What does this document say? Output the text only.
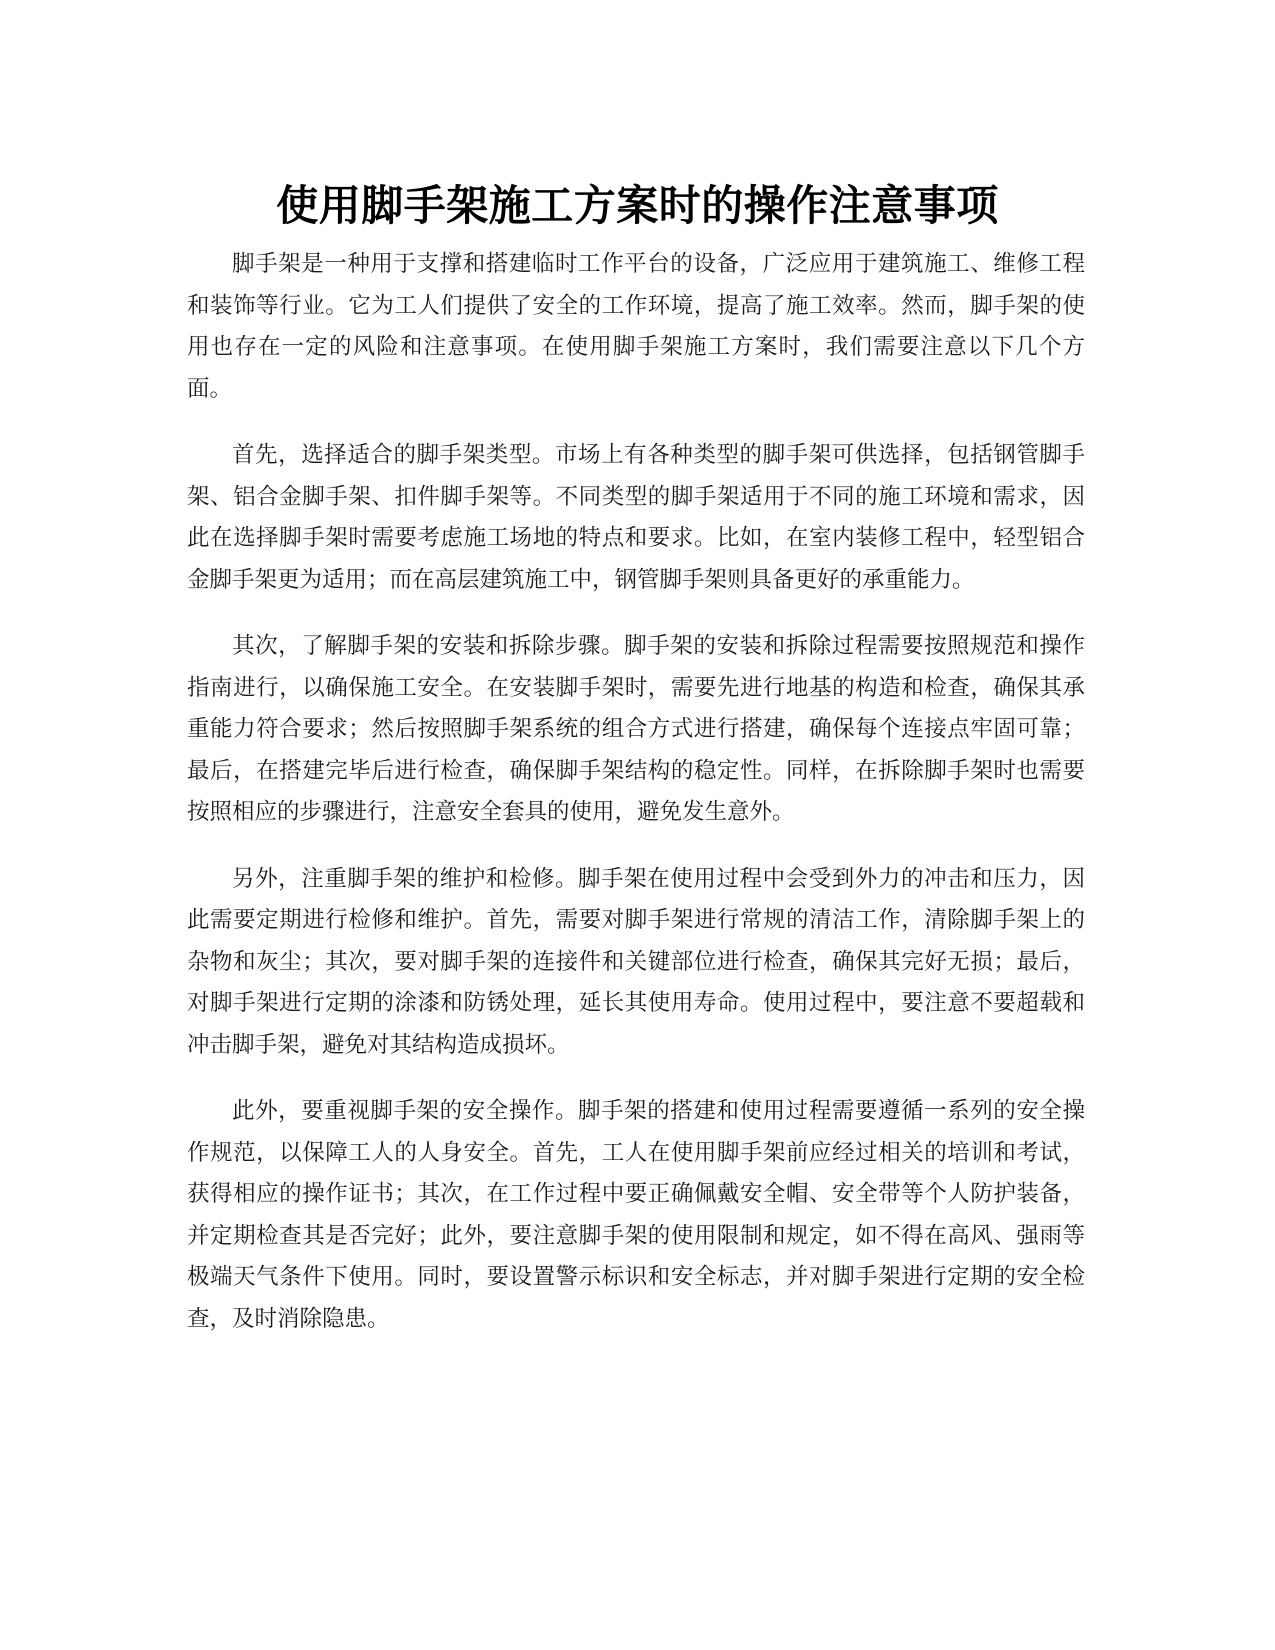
使用脚手架施工方案时的操作注意事项

脚手架是一种用于支撑和搭建临时工作平台的设备，广泛应用于建筑施工、维修工程和装饰等行业。它为工人们提供了安全的工作环境，提高了施工效率。然而，脚手架的使用也存在一定的风险和注意事项。在使用脚手架施工方案时，我们需要注意以下几个方面。

首先，选择适合的脚手架类型。市场上有各种类型的脚手架可供选择，包括钢管脚手架、铝合金脚手架、扣件脚手架等。不同类型的脚手架适用于不同的施工环境和需求，因此在选择脚手架时需要考虑施工场地的特点和要求。比如，在室内装修工程中，轻型铝合金脚手架更为适用；而在高层建筑施工中，钢管脚手架则具备更好的承重能力。

其次，了解脚手架的安装和拆除步骤。脚手架的安装和拆除过程需要按照规范和操作指南进行，以确保施工安全。在安装脚手架时，需要先进行地基的构造和检查，确保其承重能力符合要求；然后按照脚手架系统的组合方式进行搭建，确保每个连接点牢固可靠；最后，在搭建完毕后进行检查，确保脚手架结构的稳定性。同样，在拆除脚手架时也需要按照相应的步骤进行，注意安全套具的使用，避免发生意外。

另外，注重脚手架的维护和检修。脚手架在使用过程中会受到外力的冲击和压力，因此需要定期进行检修和维护。首先，需要对脚手架进行常规的清洁工作，清除脚手架上的杂物和灰尘；其次，要对脚手架的连接件和关键部位进行检查，确保其完好无损；最后，对脚手架进行定期的涂漆和防锈处理，延长其使用寿命。使用过程中，要注意不要超载和冲击脚手架，避免对其结构造成损坏。

此外，要重视脚手架的安全操作。脚手架的搭建和使用过程需要遵循一系列的安全操作规范，以保障工人的人身安全。首先，工人在使用脚手架前应经过相关的培训和考试，获得相应的操作证书；其次，在工作过程中要正确佩戴安全帽、安全带等个人防护装备，并定期检查其是否完好；此外，要注意脚手架的使用限制和规定，如不得在高风、强雨等极端天气条件下使用。同时，要设置警示标识和安全标志，并对脚手架进行定期的安全检查，及时消除隐患。
